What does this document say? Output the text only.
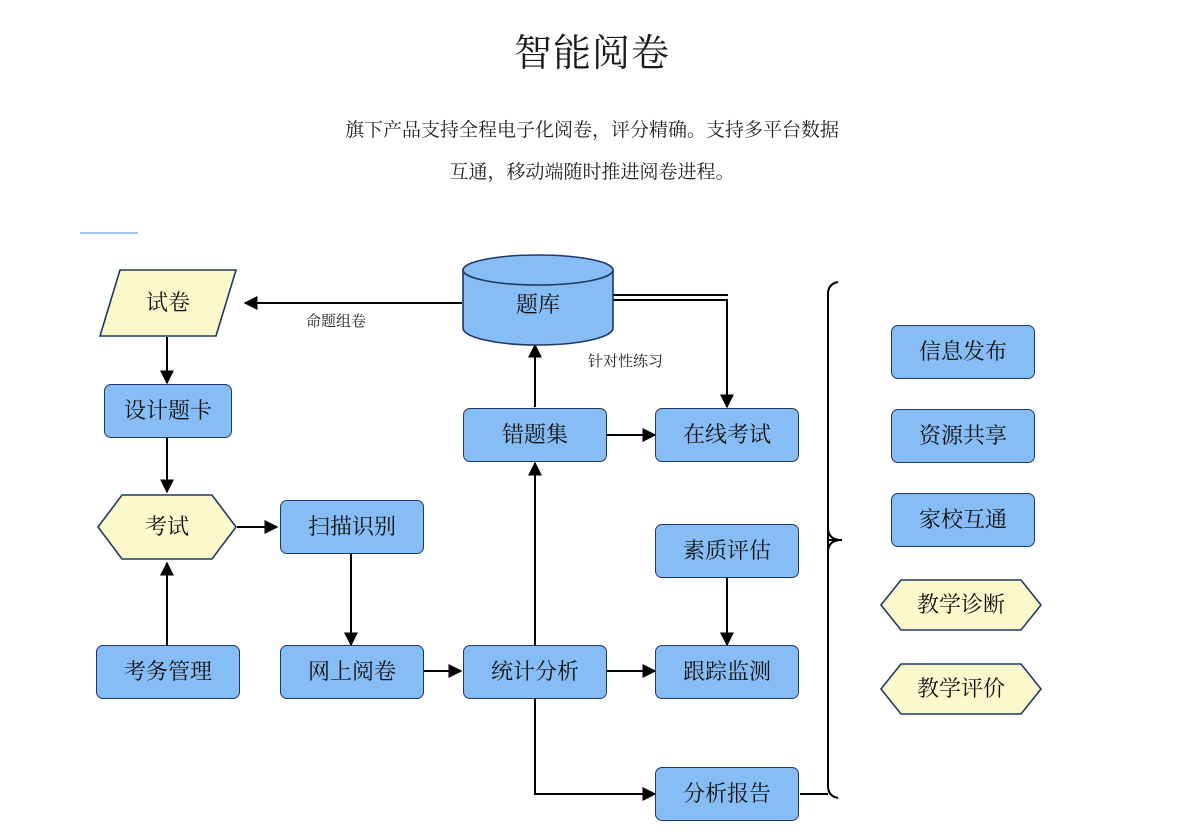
智能阅卷
旗下产品支持全程电子化阅卷，评分精确。支持多平台数据
互通，移动端随时推进阅卷进程。
试卷
命题组卷
针对性练习
设计题卡
考试
考务管理
扫描识别
网上阅卷	统计分析
题库
错题集	在线考试
素质评估
跟踪监测
分析报告
信息发布
资源共享
家校互通
教学诊断
教学评价
